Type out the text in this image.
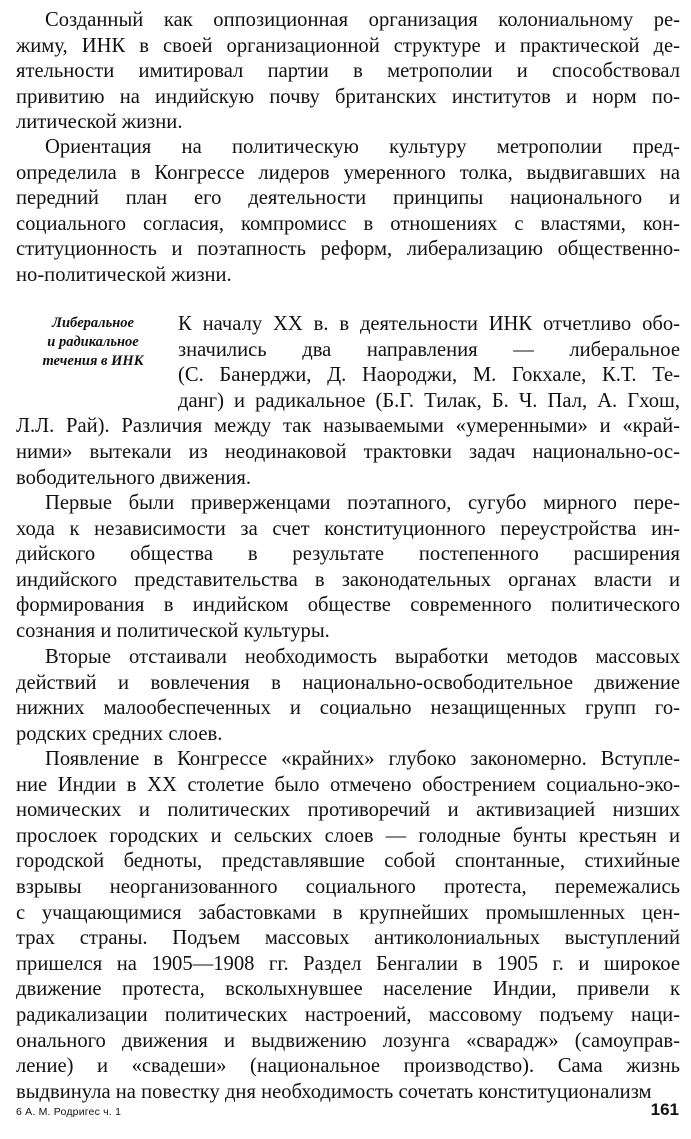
Созданный как оппозиционная организация колониальному ре-
жиму, ИНК в своей организационной структуре и практической де-
ятельности имитировал партии в метрополии и способствовал
привитию на индийскую почву британских институтов и норм по-
литической жизни.
Ориентация на политическую культуру метрополии пред-
определила в Конгрессе лидеров умеренного толка, выдвигавших на
передний план его деятельности принципы национального и
социального согласия, компромисс в отношениях с властями, кон-
ституционность и поэтапность реформ, либерализацию общественно-
но-политической жизни.
К началу XX в. в деятельности ИНК отчетливо обо-
значились два направления — либеральное
(С. Банерджи, Д. Наороджи, М. Гокхале, К.Т. Те-
данг) и радикальное (Б.Г. Тилак, Б. Ч. Пал, А. Гхош,
Л.Л. Рай). Различия между так называемыми «умеренными» и «край-
ними» вытекали из неодинаковой трактовки задач национально-ос-
вободительного движения.
Первые были приверженцами поэтапного, сугубо мирного пере-
хода к независимости за счет конституционного переустройства ин-
дийского общества в результате постепенного расширения
индийского представительства в законодательных органах власти и
формирования в индийском обществе современного политического
сознания и политической культуры.
Вторые отстаивали необходимость выработки методов массовых
действий и вовлечения в национально-освободительное движение
нижних малообеспеченных и социально незащищенных групп го-
родских средних слоев.
Появление в Конгрессе «крайних» глубоко закономерно. Вступле-
ние Индии в XX столетие было отмечено обострением социально-эко-
номических и политических противоречий и активизацией низших
прослоек городских и сельских слоев — голодные бунты крестьян и
городской бедноты, представлявшие собой спонтанные, стихийные
взрывы неорганизованного социального протеста, перемежались
с учащающимися забастовками в крупнейших промышленных цен-
трах страны. Подъем массовых антиколониальных выступлений
пришелся на 1905—1908 гг. Раздел Бенгалии в 1905 г. и широкое
движение протеста, всколыхнувшее население Индии, привели к
радикализации политических настроений, массовому подъему наци-
онального движения и выдвижению лозунга «сварадж» (самоуправ-
ление) и «свадеши» (национальное производство). Сама жизнь
выдвинула на повестку дня необходимость сочетать конституционализм
Либеральное
и радикальное
течения в ИНК
6 А. М. Родригес ч. 1	161
